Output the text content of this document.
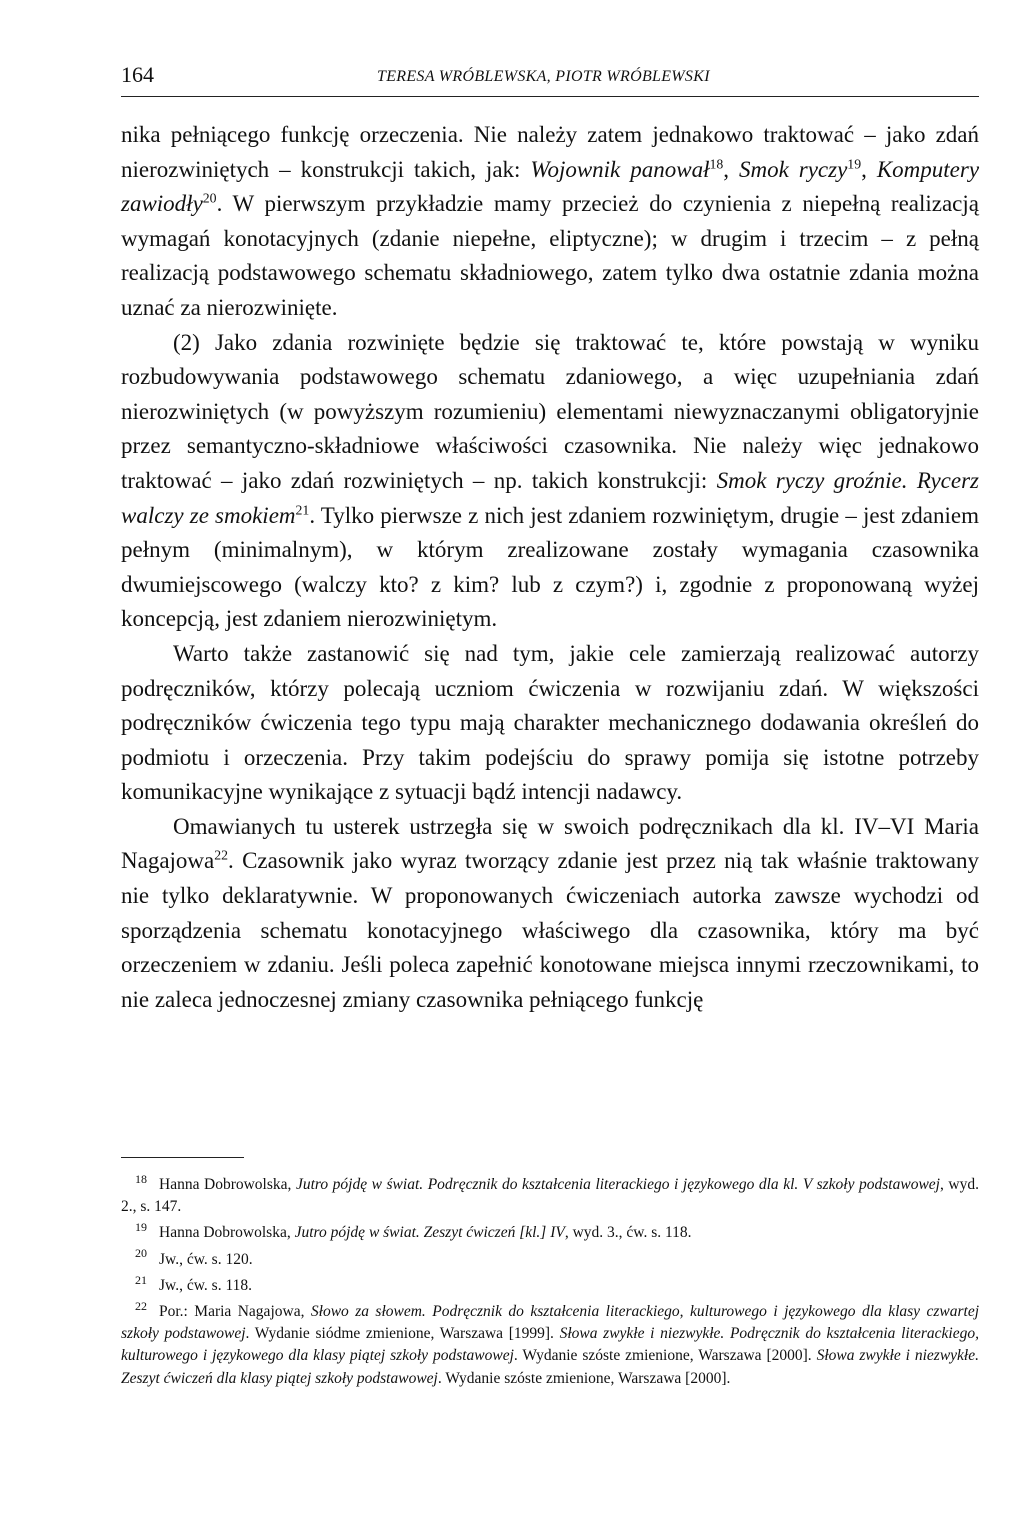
164	TERESA WRÓBLEWSKA, PIOTR WRÓBLEWSKI

nika pełniącego funkcję orzeczenia. Nie należy zatem jednakowo traktować – jako zdań nierozwiniętych – konstrukcji takich, jak: Wojownik panował$^{18}$, Smok ryczy$^{19}$, Komputery zawiodły$^{20}$. W pierwszym przykładzie mamy przecież do czynienia z niepełną realizacją wymagań konotacyjnych (zdanie niepełne, eliptyczne); w drugim i trzecim – z pełną realizacją podstawowego schematu składniowego, zatem tylko dwa ostatnie zdania można uznać za nierozwinięte.

(2) Jako zdania rozwinięte będzie się traktować te, które powstają w wyniku rozbudowywania podstawowego schematu zdaniowego, a więc uzupełniania zdań nierozwiniętych (w powyższym rozumieniu) elementami niewyznaczanymi obligatoryjnie przez semantyczno-składniowe właściwości czasownika. Nie należy więc jednakowo traktować – jako zdań rozwiniętych – np. takich konstrukcji: Smok ryczy groźnie. Rycerz walczy ze smokiem$^{21}$. Tylko pierwsze z nich jest zdaniem rozwiniętym, drugie – jest zdaniem pełnym (minimalnym), w którym zrealizowane zostały wymagania czasownika dwumiejscowego (walczy kto? z kim? lub z czym?) i, zgodnie z proponowaną wyżej koncepcją, jest zdaniem nierozwiniętym.

Warto także zastanowić się nad tym, jakie cele zamierzają realizować autorzy podręczników, którzy polecają uczniom ćwiczenia w rozwijaniu zdań. W większości podręczników ćwiczenia tego typu mają charakter mechanicznego dodawania określeń do podmiotu i orzeczenia. Przy takim podejściu do sprawy pomija się istotne potrzeby komunikacyjne wynikające z sytuacji bądź intencji nadawcy.

Omawianych tu usterek ustrzegła się w swoich podręcznikach dla kl. IV–VI Maria Nagajowa$^{22}$. Czasownik jako wyraz tworzący zdanie jest przez nią tak właśnie traktowany nie tylko deklaratywnie. W proponowanych ćwiczeniach autorka zawsze wychodzi od sporządzenia schematu konotacyjnego właściwego dla czasownika, który ma być orzeczeniem w zdaniu. Jeśli poleca zapełnić konotowane miejsca innymi rzeczownikami, to nie zaleca jednoczesnej zmiany czasownika pełniącego funkcję

$^{18}$ Hanna Dobrowolska, Jutro pójdę w świat. Podręcznik do kształcenia literackiego i językowego dla kl. V szkoły podstawowej, wyd. 2., s. 147.

$^{19}$ Hanna Dobrowolska, Jutro pójdę w świat. Zeszyt ćwiczeń [kl.] IV, wyd. 3., ćw. s. 118.

$^{20}$ Jw., ćw. s. 120.

$^{21}$ Jw., ćw. s. 118.

$^{22}$ Por.: Maria Nagajowa, Słowo za słowem. Podręcznik do kształcenia literackiego, kulturowego i językowego dla klasy czwartej szkoły podstawowej. Wydanie siódme zmienione, Warszawa [1999]. Słowa zwykłe i niezwykłe. Podręcznik do kształcenia literackiego, kulturowego i językowego dla klasy piątej szkoły podstawowej. Wydanie szóste zmienione, Warszawa [2000]. Słowa zwykłe i niezwykłe. Zeszyt ćwiczeń dla klasy piątej szkoły podstawowej. Wydanie szóste zmienione, Warszawa [2000].
